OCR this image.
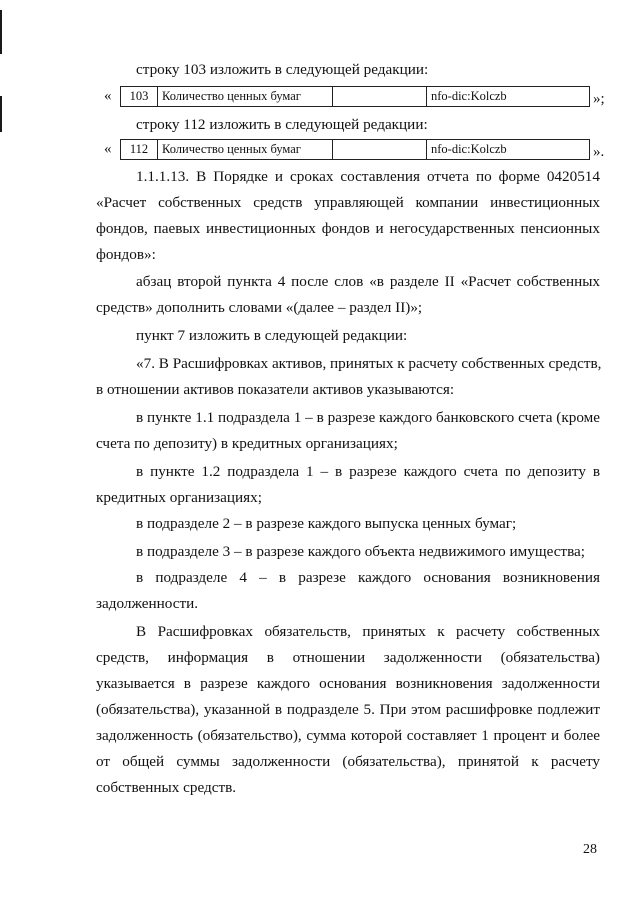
строку 103 изложить в следующей редакции:
«	103	Количество ценных бумаг	nfo-dic:Kolczb	»;
строку 112 изложить в следующей редакции:
«	112	Количество ценных бумаг	nfo-dic:Kolczb	».
1.1.1.13. В Порядке и сроках составления отчета по форме 0420514
«Расчет собственных средств управляющей компании инвестиционных
фондов, паевых инвестиционных фондов и негосударственных пенсионных
фондов»:
абзац второй пункта 4 после слов «в разделе II «Расчет собственных
средств» дополнить словами «(далее – раздел II)»;
пункт 7 изложить в следующей редакции:
«7. В Расшифровках активов, принятых к расчету собственных средств,
в отношении активов показатели активов указываются:
в пункте 1.1 подраздела 1 – в разрезе каждого банковского счета (кроме
счета по депозиту) в кредитных организациях;
в пункте 1.2 подраздела 1 – в разрезе каждого счета по депозиту в
кредитных организациях;
в подразделе 2 – в разрезе каждого выпуска ценных бумаг;
в подразделе 3 – в разрезе каждого объекта недвижимого имущества;
в подразделе 4 – в разрезе каждого основания возникновения
задолженности.
В Расшифровках обязательств, принятых к расчету собственных
средств, информация в отношении задолженности (обязательства)
указывается в разрезе каждого основания возникновения задолженности
(обязательства), указанной в подразделе 5. При этом расшифровке подлежит
задолженность (обязательство), сумма которой составляет 1 процент и более
от общей суммы задолженности (обязательства), принятой к расчету
собственных средств.
28
